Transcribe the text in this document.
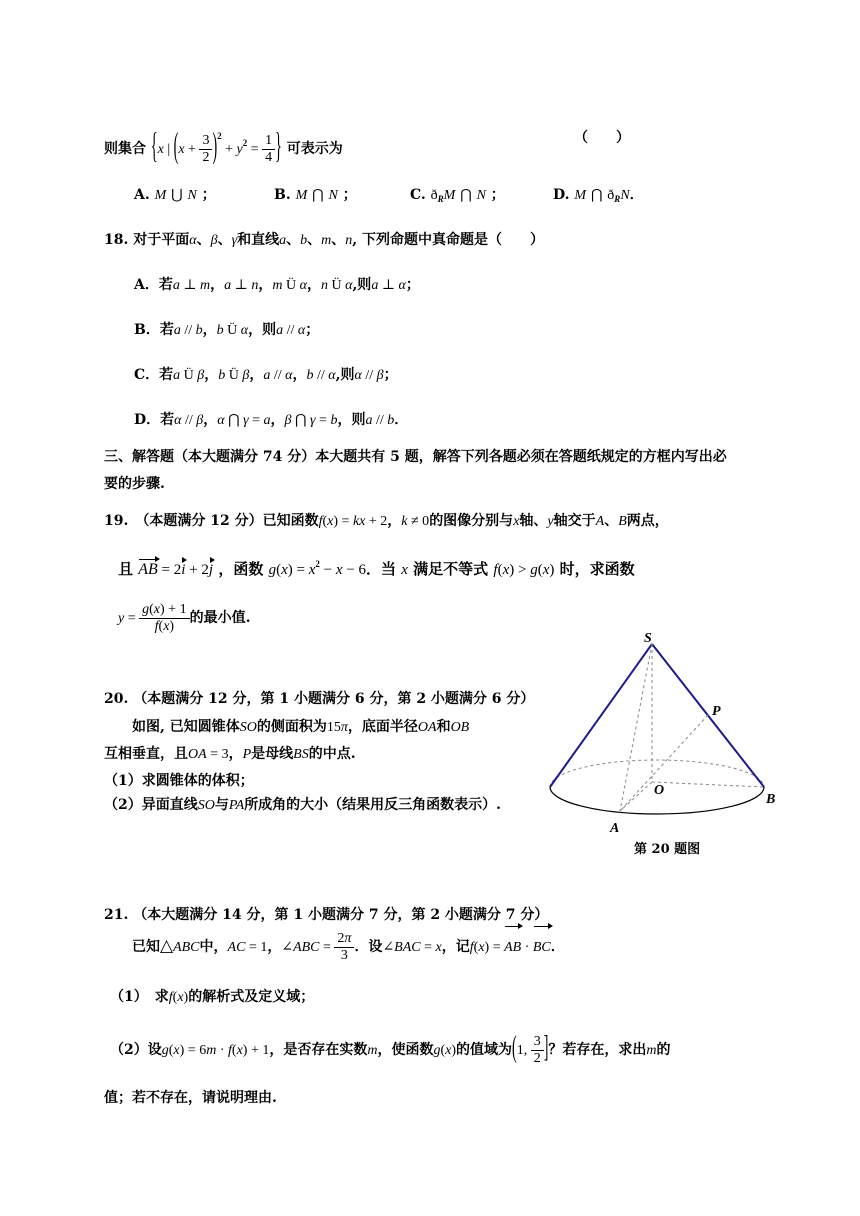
则集合 {x | $(x + \frac{3}{2} )^2 + y^2 = \frac{1}{4}$ } 可表示为
（　　）
A. M ⋃ N ；	B. M ⋂ N ；	C. $ð_RM$ ⋂ N ；	D. M ⋂ $ð_RN$．
18. 对于平面α、β、γ和直线a、b、m、n, 下列命题中真命题是（　　）
A．若a ⊥ m，a ⊥ n，m Ü α，n Ü α,则a ⊥ α；
B．若a // b，b Ü α，则a // α；
C．若a Ü β，b Ü β，a // α，b // α,则α // β；
D．若α // β，α ⋂ γ = a，β ⋂ γ = b，则a // b．
三、解答题（本大题满分 74 分）本大题共有 5 题，解答下列各题必须在答题纸规定的方框内写出必
要的步骤.
19.　 （本题满分 12 分）已知函数f(x) = kx + 2，k ≠ 0的图像分别与x轴、y轴交于A、B两点，
且 AB = 2i + 2j ，函数 $g(x) = x^2 - x - 6$．当 x 满足不等式 f(x) > g(x) 时，求函数
$y = \frac{g(x) + 1}{f(x)}$ 的最小值.
20. （本题满分 12 分，第 1 小题满分 6 分，第 2 小题满分 6 分）
如图, 已知圆锥体SO的侧面积为15π，底面半径OA和OB
互相垂直，且OA = 3，P是母线BS的中点.
（1）求圆锥体的体积；
（2）异面直线SO与PA所成角的大小（结果用反三角函数表示）.
S
P
O
A
B
第 20 题图
21. （本大题满分 14 分，第 1 小题满分 7 分，第 2 小题满分 7 分）
已知△ABC中，AC = 1，∠ABC = $\frac{2\pi}{3}$ ．设∠BAC = x，记f(x) = AB · BC．
（1）　求f(x)的解析式及定义域；
（2）设g(x) = 6m · f(x) + 1，是否存在实数m，使函数g(x)的值域为(1, $\frac{3}{2}$ ]？若存在，求出m的
值；若不存在，请说明理由.
